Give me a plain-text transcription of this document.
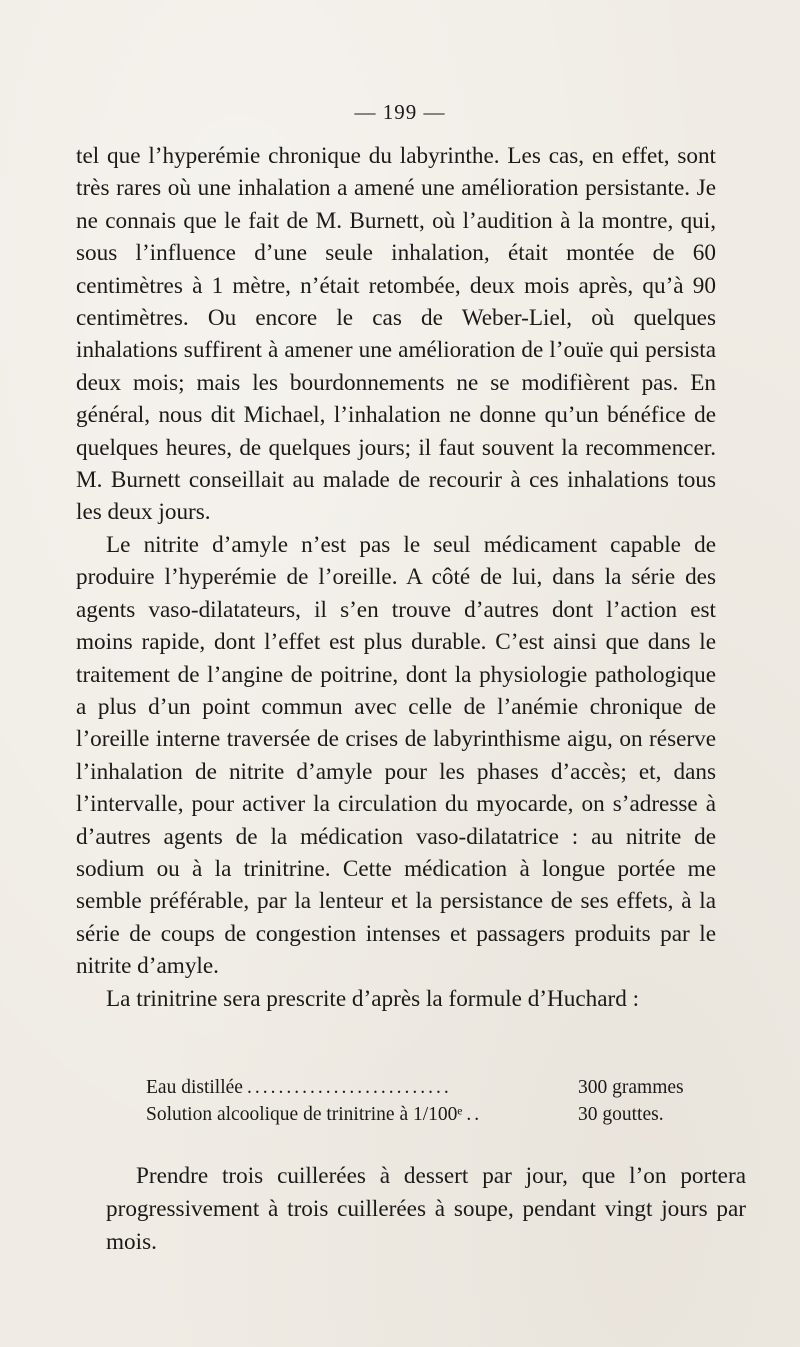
— 199 —

tel que l’hyperémie chronique du labyrinthe. Les cas, en effet, sont très rares où une inhalation a amené une amélioration persistante. Je ne connais que le fait de M. Burnett, où l’audition à la montre, qui, sous l’influence d’une seule inhalation, était montée de 60 centimètres à 1 mètre, n’était retombée, deux mois après, qu’à 90 centimètres. Ou encore le cas de Weber-Liel, où quelques inhalations suffirent à amener une amélioration de l’ouïe qui persista deux mois; mais les bourdonnements ne se modifièrent pas. En général, nous dit Michael, l’inhalation ne donne qu’un bénéfice de quelques heures, de quelques jours; il faut souvent la recommencer. M. Burnett conseillait au malade de recourir à ces inhalations tous les deux jours.

Le nitrite d’amyle n’est pas le seul médicament capable de produire l’hyperémie de l’oreille. A côté de lui, dans la série des agents vaso-dilatateurs, il s’en trouve d’autres dont l’action est moins rapide, dont l’effet est plus durable. C’est ainsi que dans le traitement de l’angine de poitrine, dont la physiologie pathologique a plus d’un point commun avec celle de l’anémie chronique de l’oreille interne traversée de crises de labyrinthisme aigu, on réserve l’inhalation de nitrite d’amyle pour les phases d’accès; et, dans l’intervalle, pour activer la circulation du myocarde, on s’adresse à d’autres agents de la médication vaso-dilatatrice : au nitrite de sodium ou à la trinitrine. Cette médication à longue portée me semble préférable, par la lenteur et la persistance de ses effets, à la série de coups de congestion intenses et passagers produits par le nitrite d’amyle.

La trinitrine sera prescrite d’après la formule d’Huchard :

Eau distillée ..........................	300 grammes
Solution alcoolique de trinitrine à 1/100ᵉ ..	30 gouttes.

Prendre trois cuillerées à dessert par jour, que l’on portera progressivement à trois cuillerées à soupe, pendant vingt jours par mois.
